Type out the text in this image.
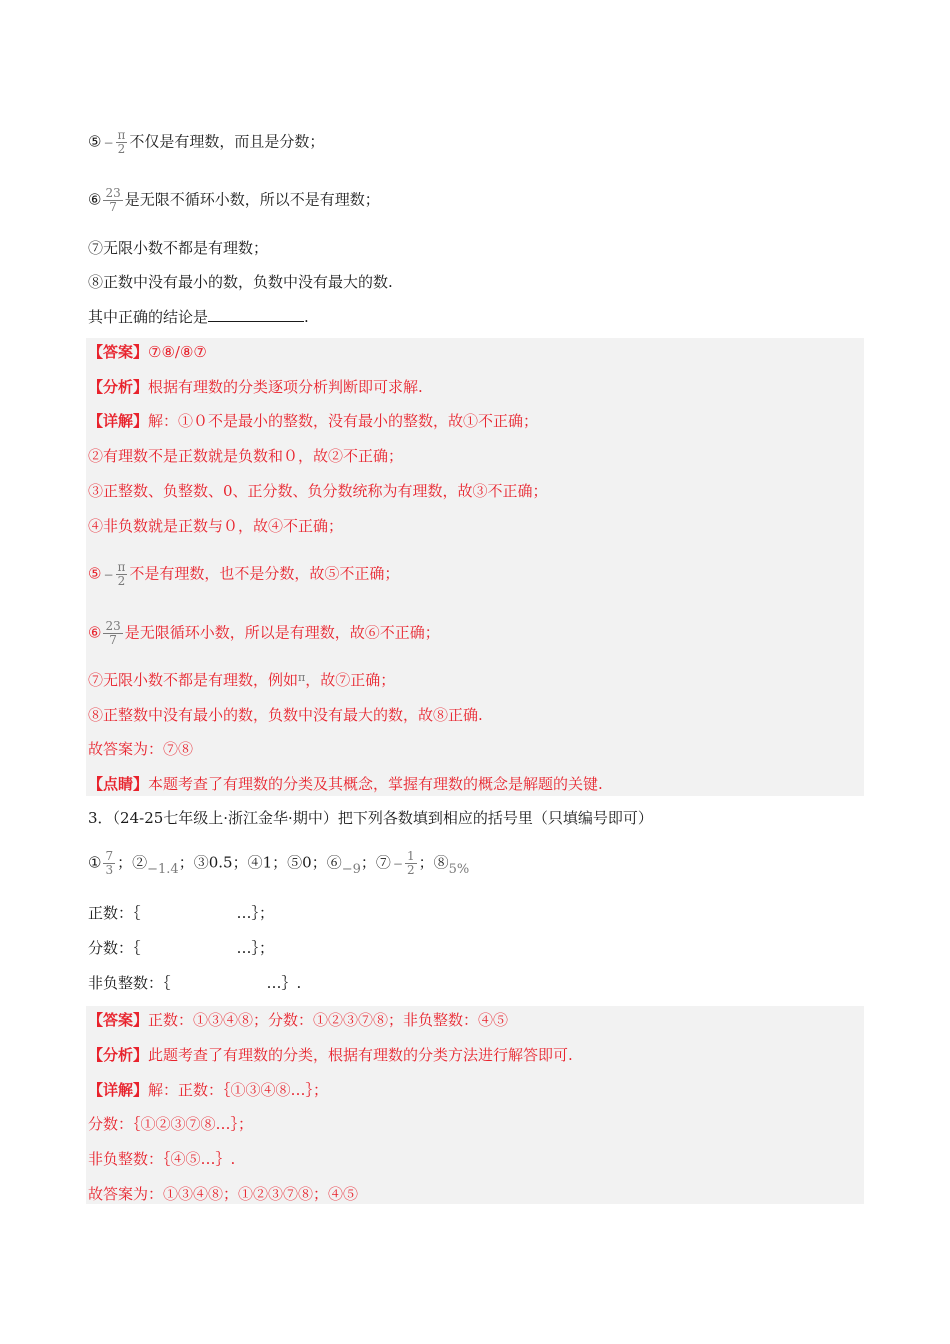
⑤ − $\frac{\pi}{2}$ 不仅是有理数，而且是分数；
⑥ $\frac{23}{7}$ 是无限不循环小数，所以不是有理数；
⑦无限小数不都是有理数；
⑧正数中没有最小的数，负数中没有最大的数.
其中正确的结论是	.
【答案】⑦⑧/⑧⑦
【分析】根据有理数的分类逐项分析判断即可求解.
【详解】解：①０不是最小的整数，没有最小的整数，故①不正确；
②有理数不是正数就是负数和０，故②不正确；
③正整数、负整数、0、正分数、负分数统称为有理数，故③不正确；
④非负数就是正数与０，故④不正确；
⑤ − $\frac{\pi}{2}$ 不是有理数，也不是分数，故⑤不正确；
⑥ $\frac{23}{7}$ 是无限循环小数，所以是有理数，故⑥不正确；
⑦无限小数不都是有理数，例如$^\pi$，故⑦正确；
⑧正整数中没有最小的数，负数中没有最大的数，故⑧正确.
故答案为：⑦⑧
【点睛】本题考查了有理数的分类及其概念，掌握有理数的概念是解题的关键.
3．（24-25七年级上·浙江金华·期中）把下列各数填到相应的括号里（只填编号即可）
① $\frac{7}{3}$ ；②−1.4；③0.5；④1；⑤0；⑥−9；⑦ − $\frac{1}{2}$ ；⑧5%
正数：｛	…｝；
分数：｛	…｝；
非负整数：｛	…｝.
【答案】正数：①③④⑧；分数：①②③⑦⑧；非负整数：④⑤
【分析】此题考查了有理数的分类，根据有理数的分类方法进行解答即可.
【详解】解：正数：｛①③④⑧…｝；
分数：｛①②③⑦⑧…｝；
非负整数：｛④⑤…｝.
故答案为：①③④⑧；①②③⑦⑧；④⑤
